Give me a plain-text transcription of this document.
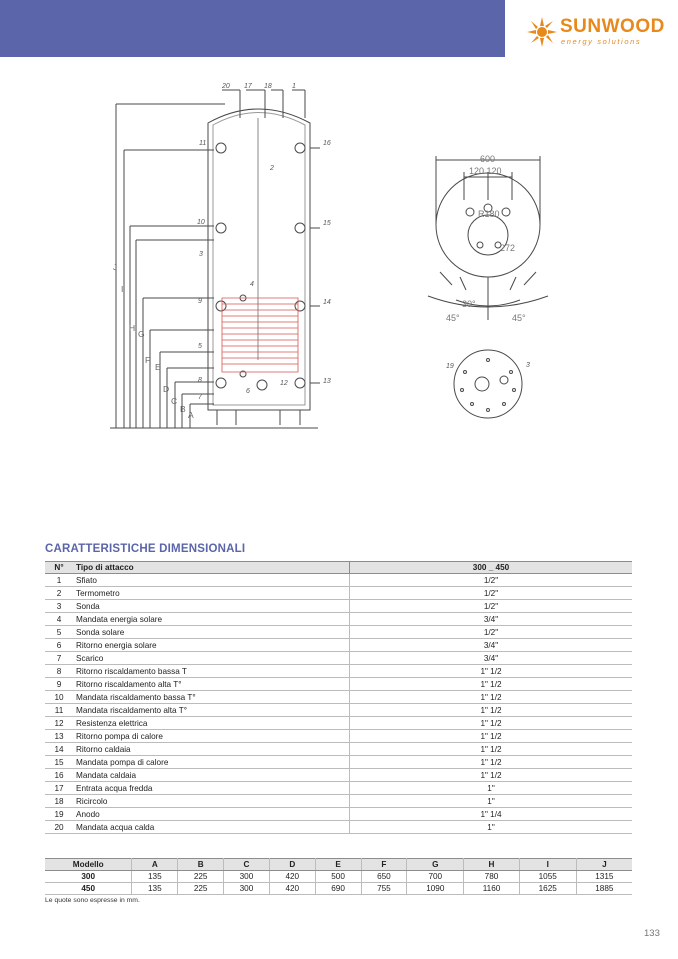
SUNWOOD
energy solutions
20 17 18	1
11
10
3
9
5
8
7
6
4
2
16
15
14
13
12
J
I
H
G
F
E
D
C
B
A
600
120 120
R180
272
30°
45°	45°
19	3
CARATTERISTICHE DIMENSIONALI
N°	Tipo di attacco	300 _ 450
1	Sfiato	1/2"
2	Termometro	1/2"
3	Sonda	1/2"
4	Mandata energia solare	3/4"
5	Sonda solare	1/2"
6	Ritorno energia solare	3/4"
7	Scarico	3/4"
8	Ritorno riscaldamento bassa T	1" 1/2
9	Ritorno riscaldamento alta T°	1" 1/2
10	Mandata riscaldamento bassa T°	1" 1/2
11	Mandata riscaldamento alta T°	1" 1/2
12	Resistenza elettrica	1" 1/2
13	Ritorno pompa di calore	1" 1/2
14	Ritorno caldaia	1" 1/2
15	Mandata pompa di calore	1" 1/2
16	Mandata caldaia	1" 1/2
17	Entrata acqua fredda	1"
18	Ricircolo	1"
19	Anodo	1" 1/4
20	Mandata acqua calda	1"
Modello	A	B	C	D	E	F	G	H	I	J
300	135	225	300	420	500	650	700	780	1055	1315
450	135	225	300	420	690	755	1090	1160	1625	1885
Le quote sono espresse in mm.
133
